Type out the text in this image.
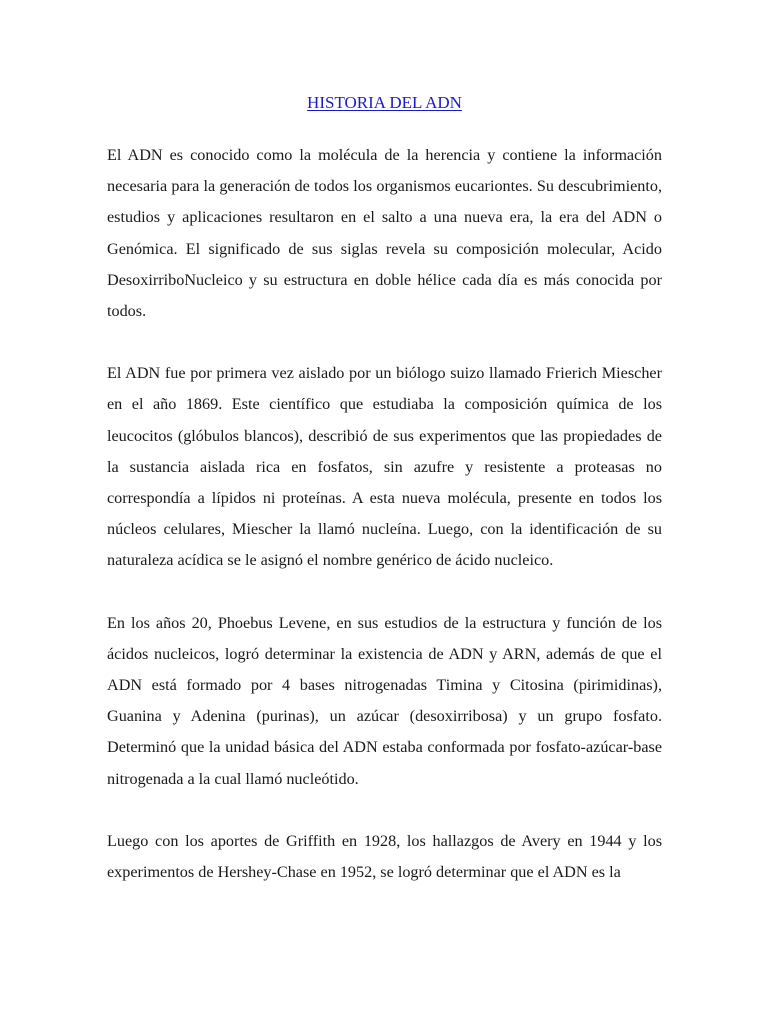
HISTORIA DEL ADN

El ADN es conocido como la molécula de la herencia y contiene la información necesaria para la generación de todos los organismos eucariontes. Su descubrimiento, estudios y aplicaciones resultaron en el salto a una nueva era, la era del ADN o Genómica. El significado de sus siglas revela su composición molecular, Acido DesoxirriboNucleico y su estructura en doble hélice cada día es más conocida por todos.

El ADN fue por primera vez aislado por un biólogo suizo llamado Frierich Miescher en el año 1869. Este científico que estudiaba la composición química de los leucocitos (glóbulos blancos), describió de sus experimentos que las propiedades de la sustancia aislada rica en fosfatos, sin azufre y resistente a proteasas no correspondía a lípidos ni proteínas. A esta nueva molécula, presente en todos los núcleos celulares, Miescher la llamó nucleína. Luego, con la identificación de su naturaleza acídica se le asignó el nombre genérico de ácido nucleico.

En los años 20, Phoebus Levene, en sus estudios de la estructura y función de los ácidos nucleicos, logró determinar la existencia de ADN y ARN, además de que el ADN está formado por 4 bases nitrogenadas Timina y Citosina (pirimidinas), Guanina y Adenina (purinas), un azúcar (desoxirribosa) y un grupo fosfato. Determinó que la unidad básica del ADN estaba conformada por fosfato-azúcar-base nitrogenada a la cual llamó nucleótido.

Luego con los aportes de Griffith en 1928, los hallazgos de Avery en 1944 y los experimentos de Hershey-Chase en 1952, se logró determinar que el ADN es la
